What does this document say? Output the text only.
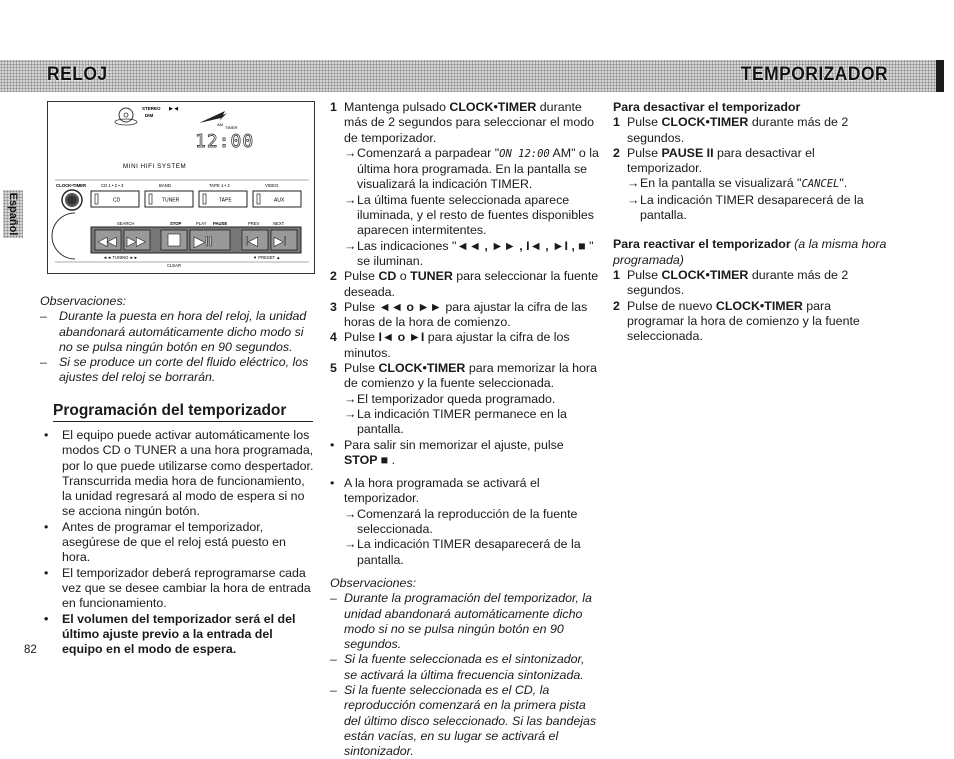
RELOJ	TEMPORIZADOR
Español
STEREO ▶ ◀
DIM
AM
TIMER
12:00
MINI HIFI SYSTEM
CLOCK•TIMER	CD 1 • 2 • 3	BAND	TAPE 1 • 2	VIDEO
CD	TUNER	TAPE	AUX
SEARCH	STOP	PLAY PAUSE	PREV	NEXT
◀◀ ▶▶	▶II	I◀ ▶I
◄◄ TUNING ►►	▼ PRESET ▲
CLEAR

Observaciones:

– Durante la puesta en hora del reloj, la unidad abandonará automáticamente dicho modo si no se pulsa ningún botón en 90 segundos.
– Si se produce un corte del fluido eléctrico, los ajustes del reloj se borrarán.
Programación del temporizador
•	El equipo puede activar automáticamente los modos CD o TUNER a una hora programada, por lo que puede utilizarse como despertador. Transcurrida media hora de funcionamiento, la unidad regresará al modo de espera si no se acciona ningún botón.
•	Antes de programar el temporizador, asegúrese de que el reloj está puesto en hora.
•	El temporizador deberá reprogramarse cada vez que se desee cambiar la hora de entrada en funcionamiento.
•	El volumen del temporizador será el del último ajuste previo a la entrada del equipo en el modo de espera.
1 Mantenga pulsado CLOCK•TIMER durante más de 2 segundos para seleccionar el modo de temporizador.
→ Comenzará a parpadear "ON 12:00 AM" o la última hora programada. En la pantalla se visualizará la indicación TIMER.
→ La última fuente seleccionada aparece iluminada, y el resto de fuentes disponibles aparecen intermitentes.
→ Las indicaciones "◄◄ , ►► , I◄ , ►I , ■ " se iluminan.
2 Pulse CD o TUNER para seleccionar la fuente deseada.
3 Pulse ◄◄ o ►► para ajustar la cifra de las horas de la hora de comienzo.
4 Pulse I◄ o ►I para ajustar la cifra de los minutos.
5 Pulse CLOCK•TIMER para memorizar la hora de comienzo y la fuente seleccionada.
→ El temporizador queda programado.
→ La indicación TIMER permanece en la pantalla.
• Para salir sin memorizar el ajuste, pulse STOP ■ .
• A la hora programada se activará el temporizador.
→ Comenzará la reproducción de la fuente seleccionada.
→ La indicación TIMER desaparecerá de la pantalla.

Observaciones:

– Durante la programación del temporizador, la unidad abandonará automáticamente dicho modo si no se pulsa ningún botón en 90 segundos.
– Si la fuente seleccionada es el sintonizador, se activará la última frecuencia sintonizada.
– Si la fuente seleccionada es el CD, la reproducción comenzará en la primera pista del último disco seleccionado. Si las bandejas están vacías, en su lugar se activará el sintonizador.

Para desactivar el temporizador

1 Pulse CLOCK•TIMER durante más de 2 segundos.
2 Pulse PAUSE II para desactivar el temporizador.
→ En la pantalla se visualizará "CANCEL".
→ La indicación TIMER desaparecerá de la pantalla.

Para reactivar el temporizador (a la misma hora programada)

1 Pulse CLOCK•TIMER durante más de 2 segundos.
2 Pulse de nuevo CLOCK•TIMER para programar la hora de comienzo y la fuente seleccionada.
82
